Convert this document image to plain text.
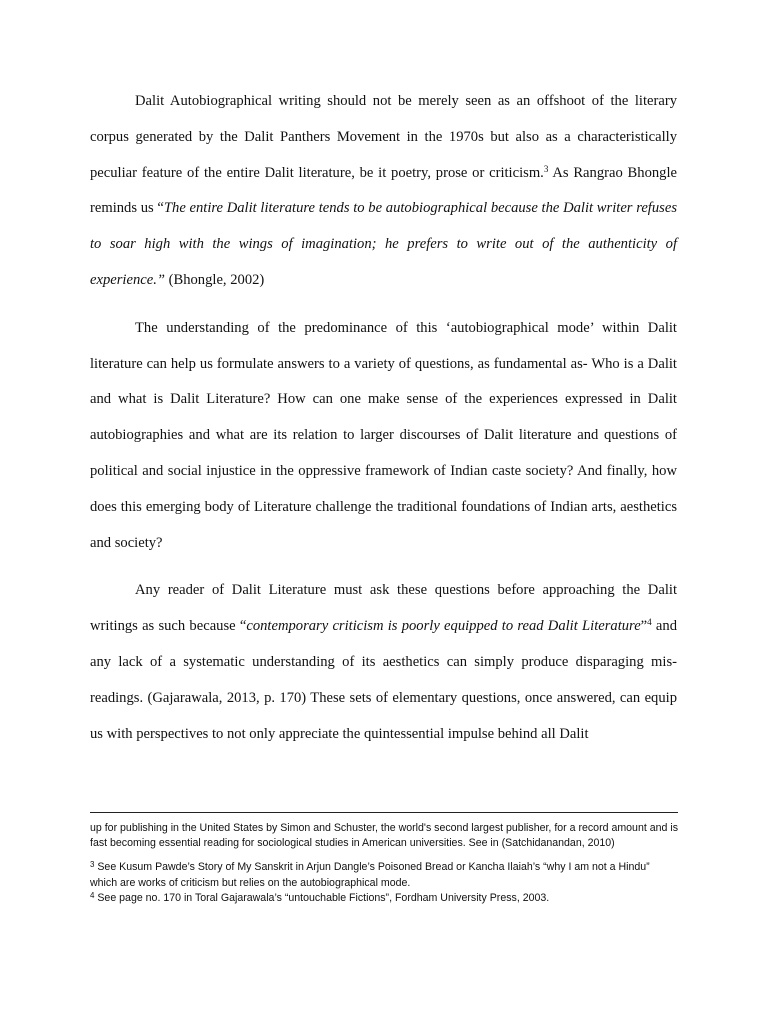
Dalit Autobiographical writing should not be merely seen as an offshoot of the literary corpus generated by the Dalit Panthers Movement in the 1970s but also as a characteristically peculiar feature of the entire Dalit literature, be it poetry, prose or criticism.$^3$ As Rangrao Bhongle reminds us “The entire Dalit literature tends to be autobiographical because the Dalit writer refuses to soar high with the wings of imagination; he prefers to write out of the authenticity of experience.” (Bhongle, 2002)

The understanding of the predominance of this ‘autobiographical mode’ within Dalit literature can help us formulate answers to a variety of questions, as fundamental as- Who is a Dalit and what is Dalit Literature? How can one make sense of the experiences expressed in Dalit autobiographies and what are its relation to larger discourses of Dalit literature and questions of political and social injustice in the oppressive framework of Indian caste society? And finally, how does this emerging body of Literature challenge the traditional foundations of Indian arts, aesthetics and society?

Any reader of Dalit Literature must ask these questions before approaching the Dalit writings as such because “contemporary criticism is poorly equipped to read Dalit Literature”$^4$ and any lack of a systematic understanding of its aesthetics can simply produce disparaging mis-readings. (Gajarawala, 2013, p. 170) These sets of elementary questions, once answered, can equip us with perspectives to not only appreciate the quintessential impulse behind all Dalit

up for publishing in the United States by Simon and Schuster, the world's second largest publisher, for a record amount and is fast becoming essential reading for sociological studies in American universities. See in (Satchidanandan, 2010)

$^3$ See Kusum Pawde’s Story of My Sanskrit in Arjun Dangle’s Poisoned Bread or Kancha Ilaiah’s “why I am not a Hindu” which are works of criticism but relies on the autobiographical mode.

$^4$ See page no. 170 in Toral Gajarawala’s “untouchable Fictions”, Fordham University Press, 2003.
